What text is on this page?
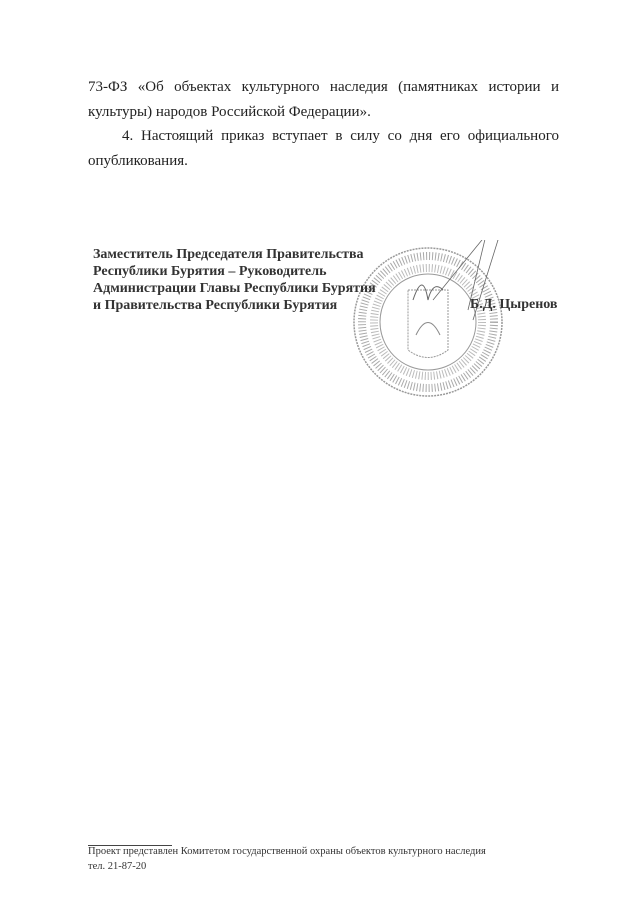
73-ФЗ «Об объектах культурного наследия (памятниках истории и
культуры) народов Российской Федерации».
4. Настоящий приказ вступает в силу со дня его официального
опубликования.
Заместитель Председателя Правительства
Республики Бурятия – Руководитель
Администрации Главы Республики Бурятия
и Правительства Республики Бурятия	Б.Д. Цыренов
Проект представлен Комитетом государственной охраны объектов культурного наследия
тел. 21-87-20
